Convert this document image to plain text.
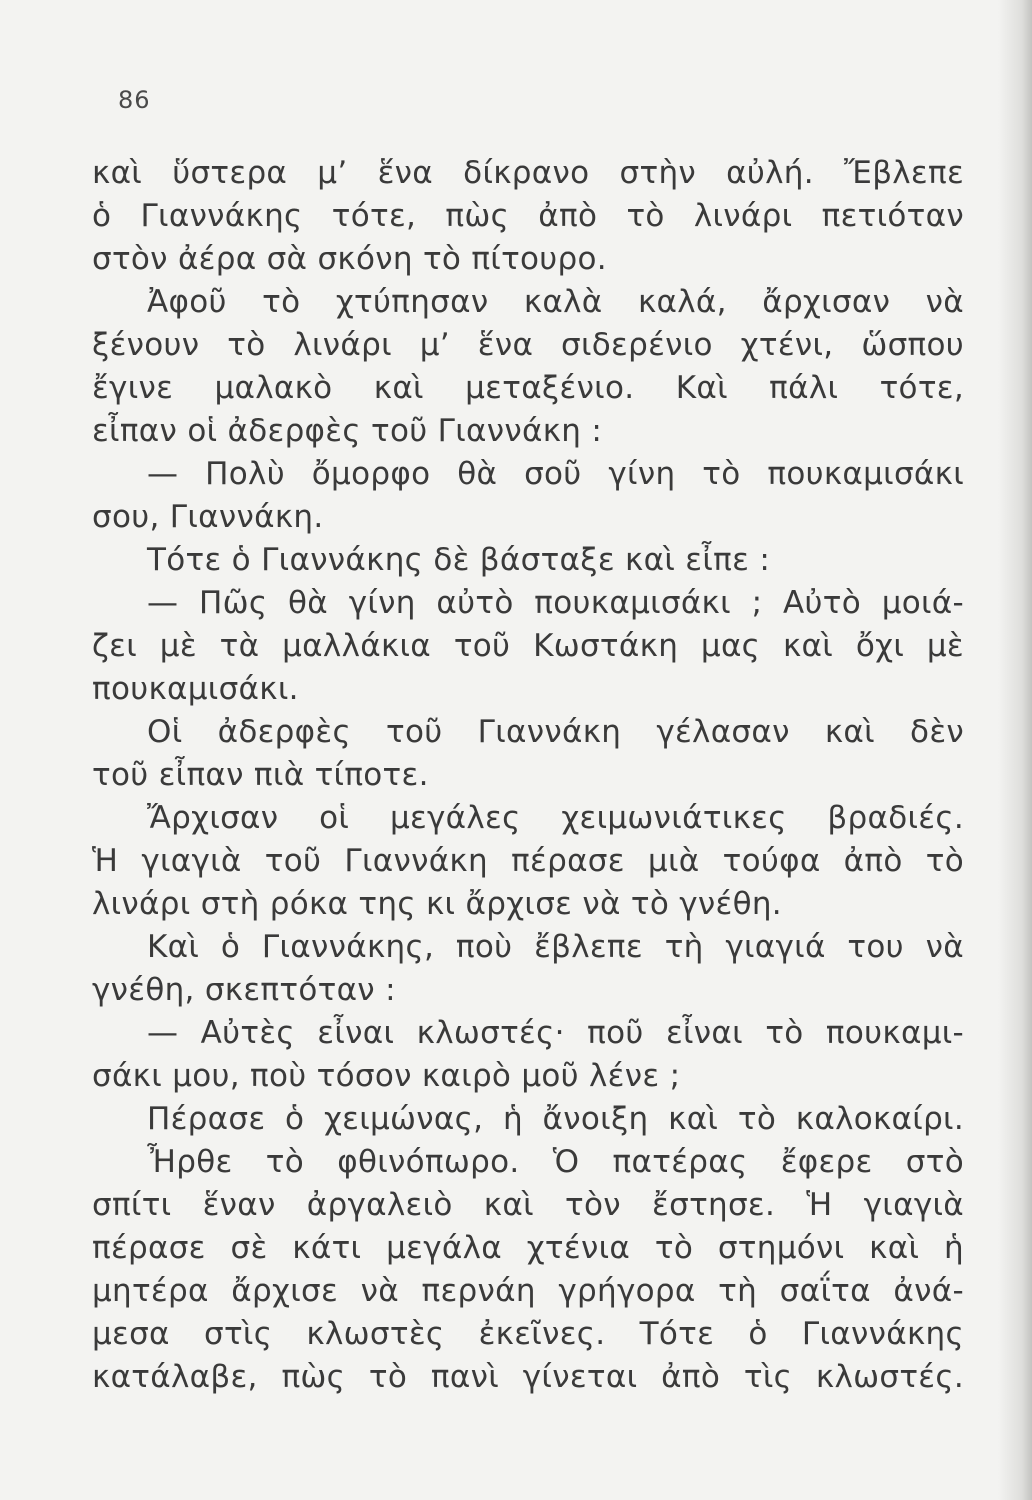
86
καὶ ὕστερα μ’ ἕνα δίκρανο στὴν αὐλή. Ἔβλεπε
ὁ Γιαννάκης τότε, πὼς ἀπὸ τὸ λινάρι πετιόταν
στὸν ἀέρα σὰ σκόνη τὸ πίτουρο.
Ἀφοῦ τὸ χτύπησαν καλὰ καλά, ἄρχισαν νὰ
ξένουν τὸ λινάρι μ’ ἕνα σιδερένιο χτένι, ὥσπου
ἔγινε μαλακὸ καὶ μεταξένιο. Καὶ πάλι τότε,
εἶπαν οἱ ἀδερφὲς τοῦ Γιαννάκη :
— Πολὺ ὄμορφο θὰ σοῦ γίνη τὸ πουκαμισάκι
σου, Γιαννάκη.
Τότε ὁ Γιαννάκης δὲ βάσταξε καὶ εἶπε :
— Πῶς θὰ γίνη αὐτὸ πουκαμισάκι ; Αὐτὸ μοιά-
ζει μὲ τὰ μαλλάκια τοῦ Κωστάκη μας καὶ ὄχι μὲ
πουκαμισάκι.
Οἱ ἀδερφὲς τοῦ Γιαννάκη γέλασαν καὶ δὲν
τοῦ εἶπαν πιὰ τίποτε.
Ἄρχισαν οἱ μεγάλες χειμωνιάτικες βραδιές.
Ἡ γιαγιὰ τοῦ Γιαννάκη πέρασε μιὰ τούφα ἀπὸ τὸ
λινάρι στὴ ρόκα της κι ἄρχισε νὰ τὸ γνέθη.
Καὶ ὁ Γιαννάκης, ποὺ ἔβλεπε τὴ γιαγιά του νὰ
γνέθη, σκεπτόταν :
— Αὐτὲς εἶναι κλωστές· ποῦ εἶναι τὸ πουκαμι-
σάκι μου, ποὺ τόσον καιρὸ μοῦ λένε ;
Πέρασε ὁ χειμώνας, ἡ ἄνοιξη καὶ τὸ καλοκαίρι.
Ἦρθε τὸ φθινόπωρο. Ὁ πατέρας ἔφερε στὸ
σπίτι ἕναν ἀργαλειὸ καὶ τὸν ἔστησε. Ἡ γιαγιὰ
πέρασε σὲ κάτι μεγάλα χτένια τὸ στημόνι καὶ ἡ
μητέρα ἄρχισε νὰ περνάη γρήγορα τὴ σαΐτα ἀνά-
μεσα στὶς κλωστὲς ἐκεῖνες. Τότε ὁ Γιαννάκης
κατάλαβε, πὼς τὸ πανὶ γίνεται ἀπὸ τὶς κλωστές.
